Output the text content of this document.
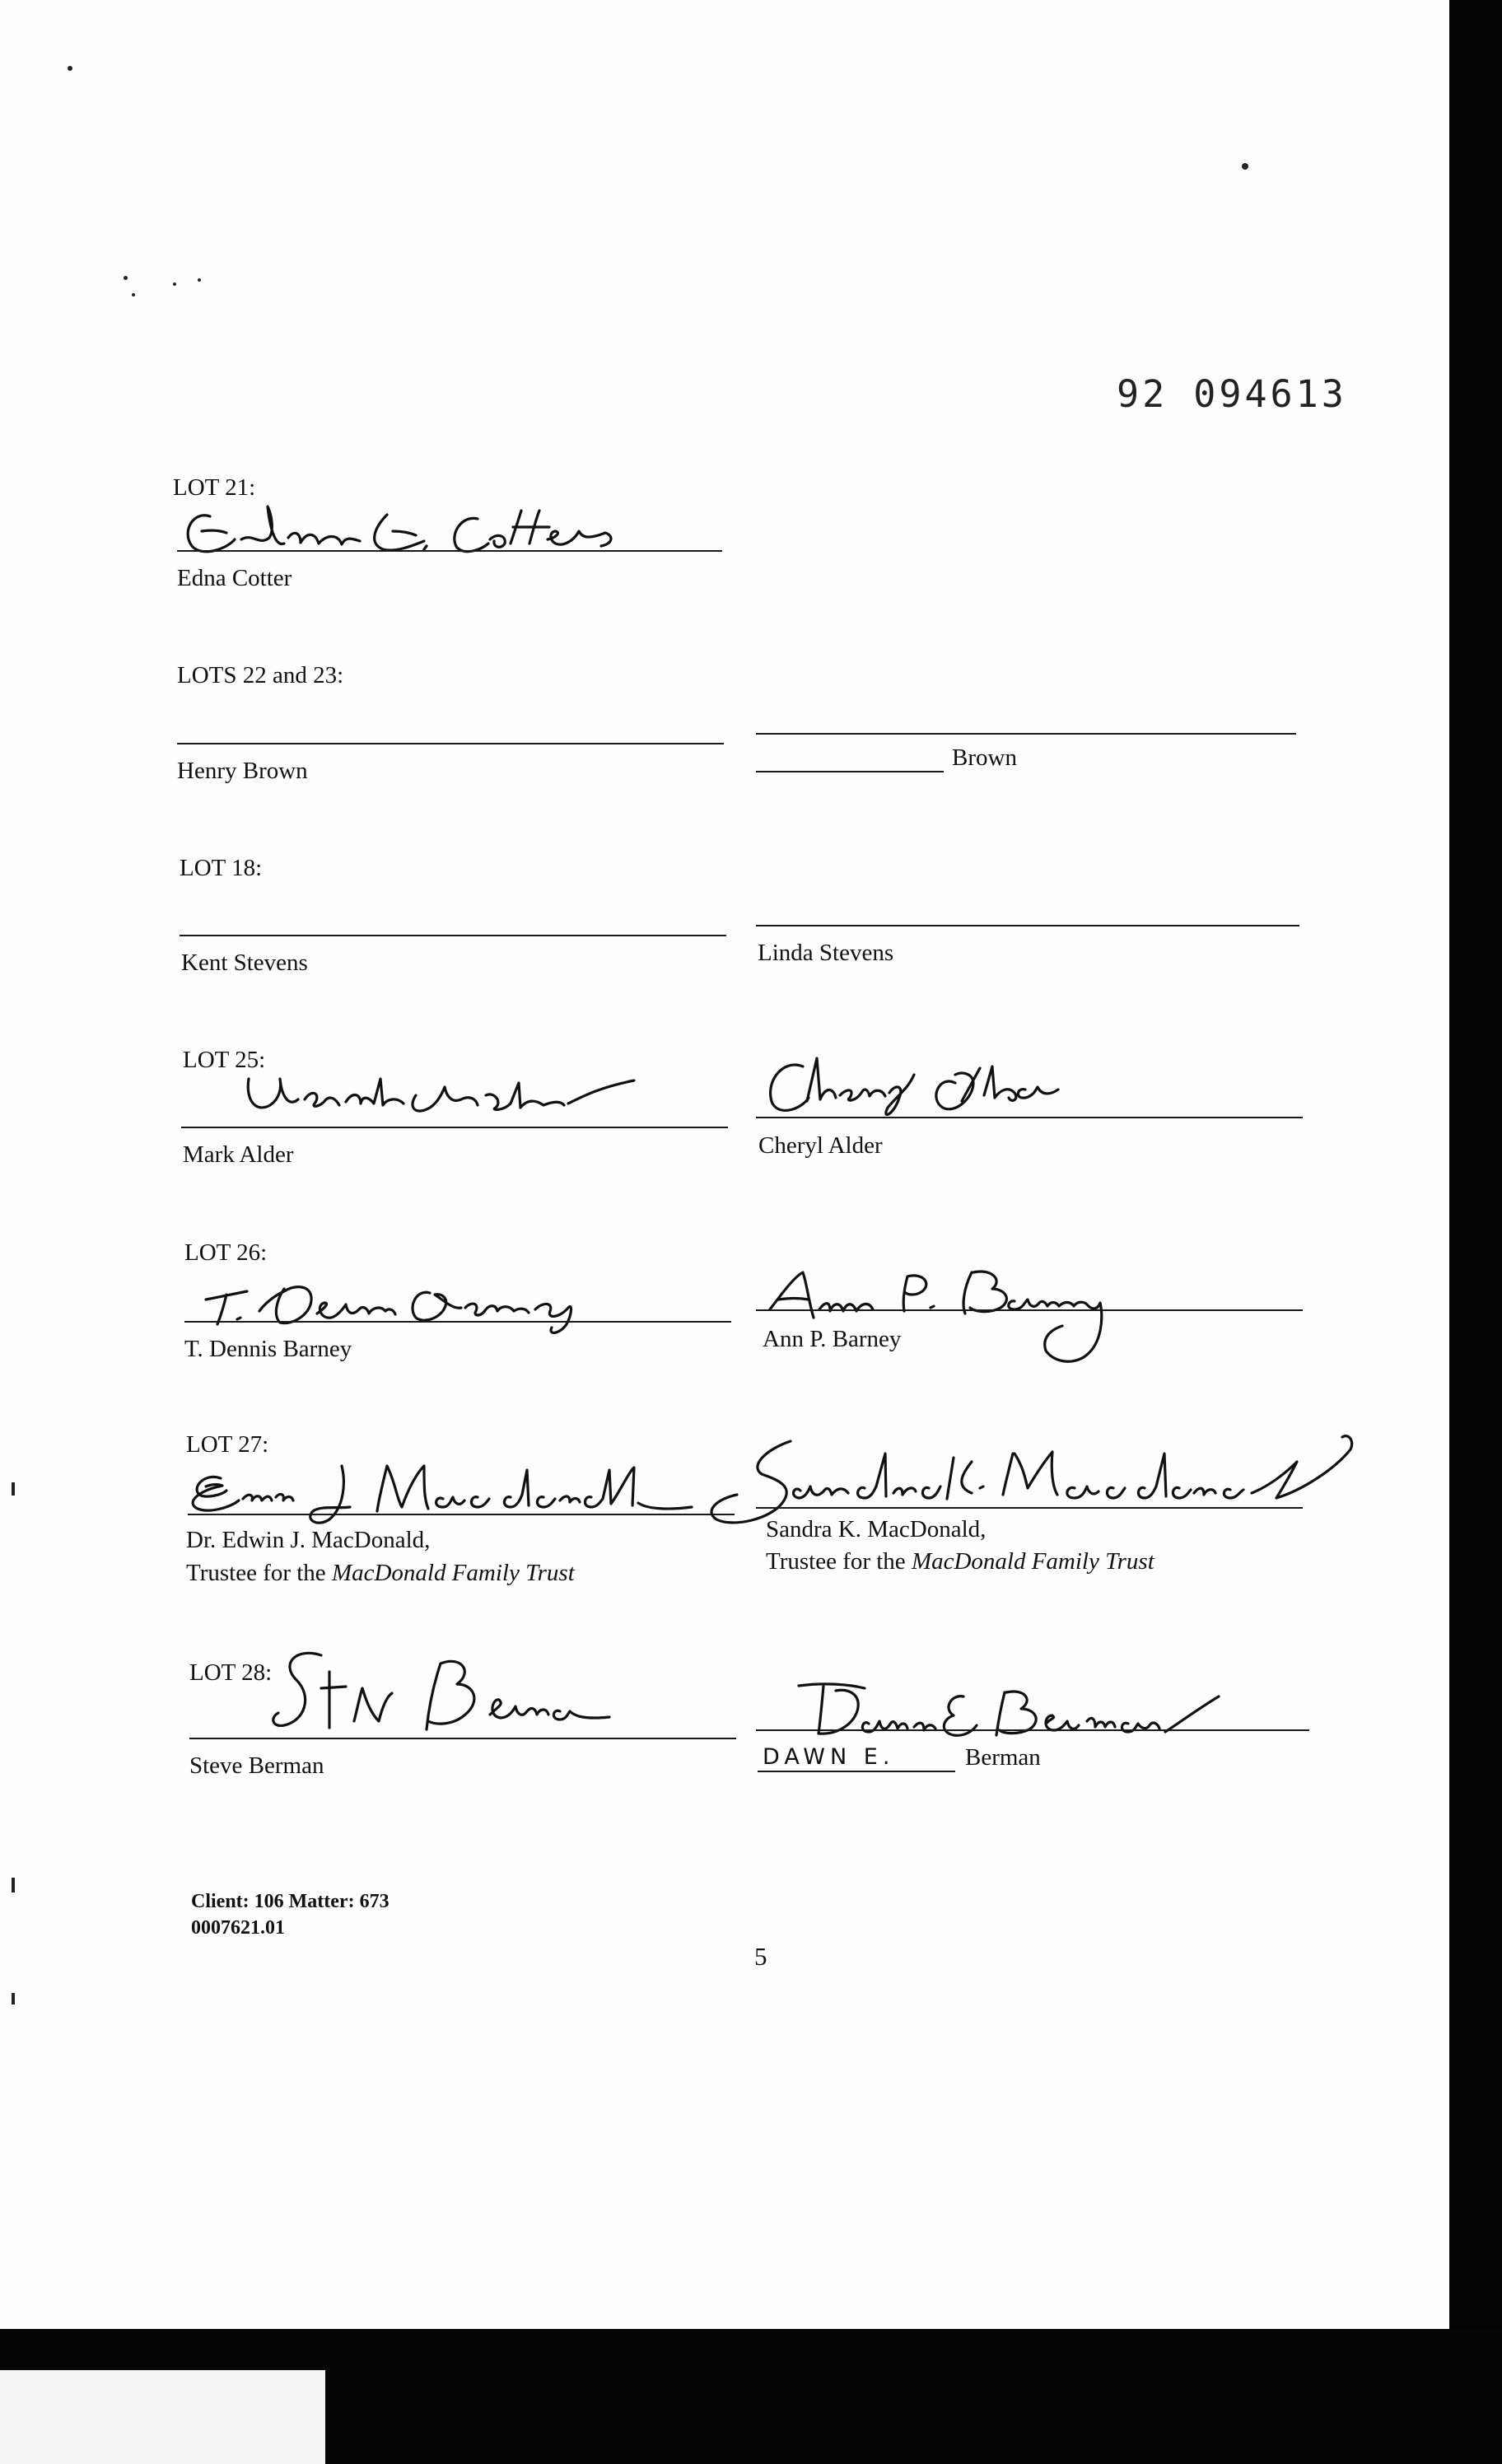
92 094613
LOT 21:
Edna Cotter
LOTS 22 and 23:
Henry Brown	Brown
LOT 18:
Kent Stevens	Linda Stevens
LOT 25:
Mark Alder	Cheryl Alder
LOT 26:
T. Dennis Barney	Ann P. Barney
LOT 27:
Dr. Edwin J. MacDonald,
Trustee for the MacDonald Family Trust
Sandra K. MacDonald,
Trustee for the MacDonald Family Trust
LOT 28:
Steve Berman	DAWN E.	Berman
Client: 106 Matter: 673
0007621.01
5
